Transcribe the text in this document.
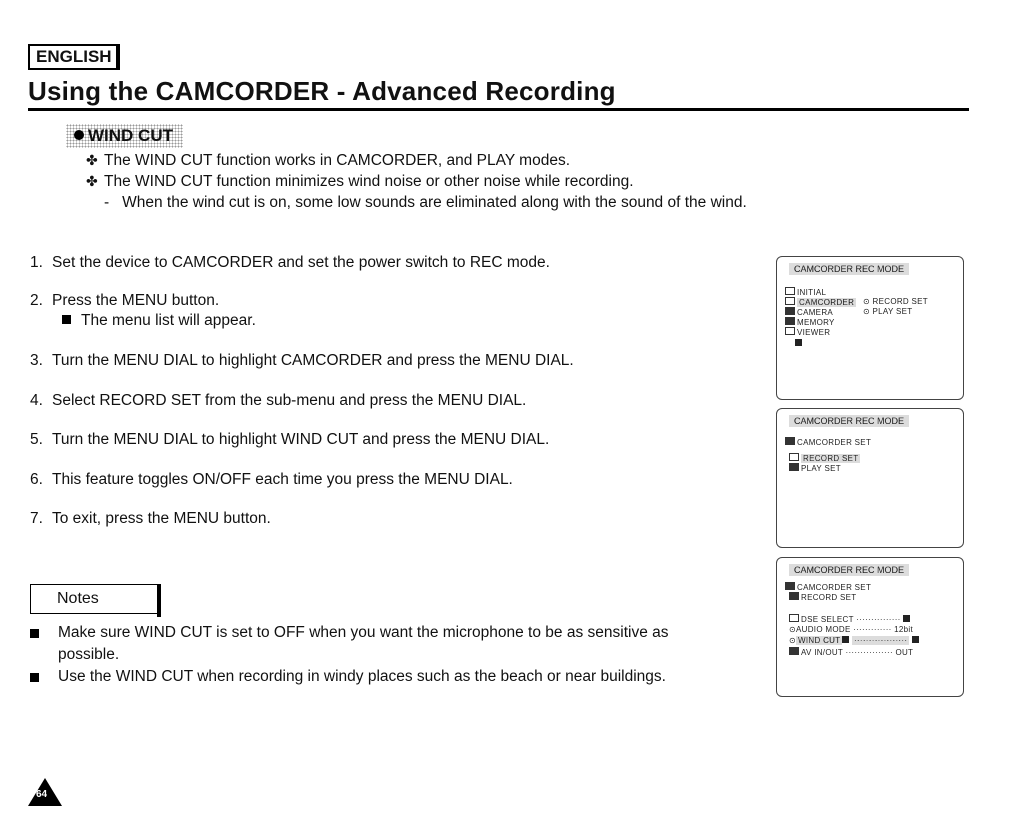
ENGLISH
Using the CAMCORDER - Advanced Recording
WIND CUT
✤ The WIND CUT function works in CAMCORDER, and PLAY modes.
✤ The WIND CUT function minimizes wind noise or other noise while recording.
-   When the wind cut is on, some low sounds are eliminated along with the sound of the wind.
1. Set the device to CAMCORDER and set the power switch to REC mode.
2. Press the MENU button.
The menu list will appear.
3. Turn the MENU DIAL to highlight CAMCORDER and press the MENU DIAL.
4. Select RECORD SET from the sub-menu and press the MENU DIAL.
5. Turn the MENU DIAL to highlight WIND CUT and press the MENU DIAL.
6. This feature toggles ON/OFF each time you press the MENU DIAL.
7. To exit, press the MENU button.
Notes
Make sure WIND CUT is set to OFF when you want the microphone to be as sensitive as possible.
Use the WIND CUT when recording in windy places such as the beach or near buildings.
CAMCORDER REC MODE
INITIAL
CAMCORDER
CAMERA
MEMORY
VIEWER
⊙ RECORD SET
⊙ PLAY SET
CAMCORDER REC MODE
CAMCORDER SET
RECORD SET
PLAY SET
CAMCORDER REC MODE
CAMCORDER SET
RECORD SET
DSE SELECT ···············
⊙AUDIO MODE ············· 12bit
⊙ WIND CUT ··················
AV IN/OUT ················ OUT
64
